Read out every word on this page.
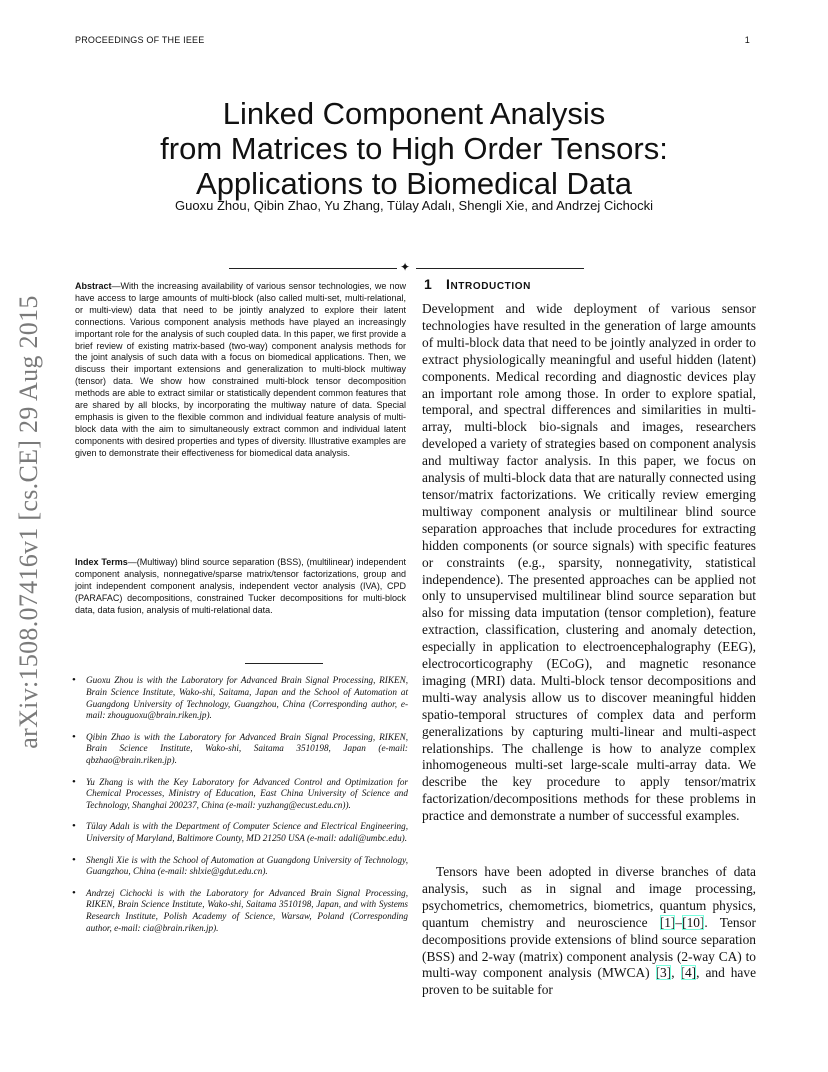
PROCEEDINGS OF THE IEEE	1
arXiv:1508.07416v1 [cs.CE] 29 Aug 2015
Linked Component Analysis
from Matrices to High Order Tensors:
Applications to Biomedical Data
Guoxu Zhou, Qibin Zhao, Yu Zhang, Tülay Adalı, Shengli Xie, and Andrzej Cichocki
✦
Abstract—With the increasing availability of various sensor technologies, we now have access to large amounts of multi-block (also called multi-set, multi-relational, or multi-view) data that need to be jointly analyzed to explore their latent connections. Various component analysis methods have played an increasingly important role for the analysis of such coupled data. In this paper, we first provide a brief review of existing matrix-based (two-way) component analysis methods for the joint analysis of such data with a focus on biomedical applications. Then, we discuss their important extensions and generalization to multi-block multiway (tensor) data. We show how constrained multi-block tensor decomposition methods are able to extract similar or statistically dependent common features that are shared by all blocks, by incorporating the multiway nature of data. Special emphasis is given to the flexible common and individual feature analysis of multi-block data with the aim to simultaneously extract common and individual latent components with desired properties and types of diversity. Illustrative examples are given to demonstrate their effectiveness for biomedical data analysis.
Index Terms—(Multiway) blind source separation (BSS), (multilinear) independent component analysis, nonnegative/sparse matrix/tensor factorizations, group and joint independent component analysis, independent vector analysis (IVA), CPD (PARAFAC) decompositions, constrained Tucker decompositions for multi-block data, data fusion, analysis of multi-relational data.
• Guoxu Zhou is with the Laboratory for Advanced Brain Signal Processing, RIKEN, Brain Science Institute, Wako-shi, Saitama, Japan and the School of Automation at Guangdong University of Technology, Guangzhou, China (Corresponding author, e-mail: zhouguoxu@brain.riken.jp).
• Qibin Zhao is with the Laboratory for Advanced Brain Signal Processing, RIKEN, Brain Science Institute, Wako-shi, Saitama 3510198, Japan (e-mail: qbzhao@brain.riken.jp).
• Yu Zhang is with the Key Laboratory for Advanced Control and Optimization for Chemical Processes, Ministry of Education, East China University of Science and Technology, Shanghai 200237, China (e-mail: yuzhang@ecust.edu.cn)).
• Tülay Adalı is with the Department of Computer Science and Electrical Engineering, University of Maryland, Baltimore County, MD 21250 USA (e-mail: adali@umbc.edu).
• Shengli Xie is with the School of Automation at Guangdong University of Technology, Guangzhou, China (e-mail: shlxie@gdut.edu.cn).
• Andrzej Cichocki is with the Laboratory for Advanced Brain Signal Processing, RIKEN, Brain Science Institute, Wako-shi, Saitama 3510198, Japan, and with Systems Research Institute, Polish Academy of Science, Warsaw, Poland (Corresponding author, e-mail: cia@brain.riken.jp).
1 Introduction

Development and wide deployment of various sensor technologies have resulted in the generation of large amounts of multi-block data that need to be jointly analyzed in order to extract physiologically meaningful and useful hidden (latent) components. Medical recording and diagnostic devices play an important role among those. In order to explore spatial, temporal, and spectral differences and similarities in multi-array, multi-block bio-signals and images, researchers developed a variety of strategies based on component analysis and multiway factor analysis. In this paper, we focus on analysis of multi-block data that are naturally connected using tensor/matrix factorizations. We critically review emerging multiway component analysis or multilinear blind source separation approaches that include procedures for extracting hidden components (or source signals) with specific features or constraints (e.g., sparsity, nonnegativity, statistical independence). The presented approaches can be applied not only to unsupervised multilinear blind source separation but also for missing data imputation (tensor completion), feature extraction, classification, clustering and anomaly detection, especially in application to electroencephalography (EEG), electrocorticography (ECoG), and magnetic resonance imaging (MRI) data. Multi-block tensor decompositions and multi-way analysis allow us to discover meaningful hidden spatio-temporal structures of complex data and perform generalizations by capturing multi-linear and multi-aspect relationships. The challenge is how to analyze complex inhomogeneous multi-set large-scale multi-array data. We describe the key procedure to apply tensor/matrix factorization/decompositions methods for these problems in practice and demonstrate a number of successful examples.

Tensors have been adopted in diverse branches of data analysis, such as in signal and image processing, psychometrics, chemometrics, biometrics, quantum physics, quantum chemistry and neuroscience [1]–[10]. Tensor decompositions provide extensions of blind source separation (BSS) and 2-way (matrix) component analysis (2-way CA) to multi-way component analysis (MWCA) [3], [4], and have proven to be suitable for
